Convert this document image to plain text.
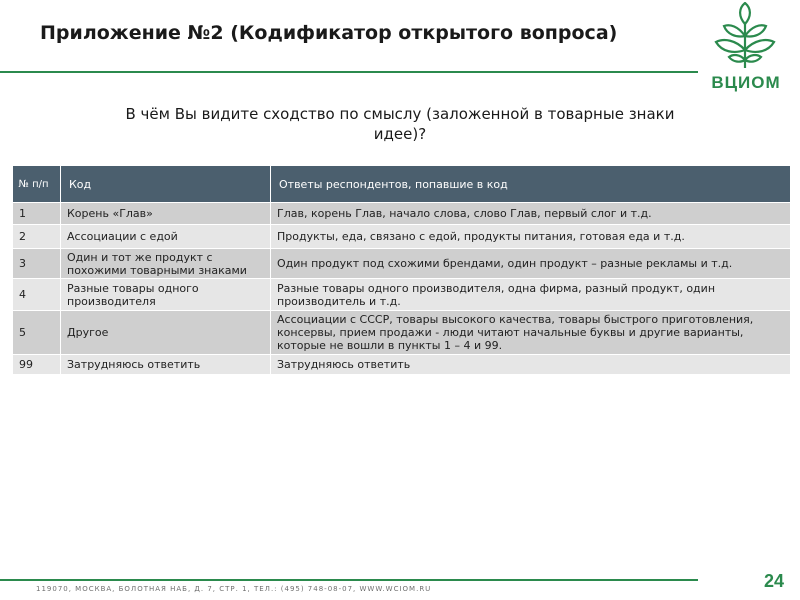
Приложение №2 (Кодификатор открытого вопроса)
ВЦИОМ
В чём Вы видите сходство по смыслу (заложенной в товарные знаки идее)?
№ п/п	Код	Ответы респондентов, попавшие в код
1	Корень «Глав»	Глав, корень Глав, начало слова, слово Глав, первый слог и т.д.
2	Ассоциации с едой	Продукты, еда, связано с едой, продукты питания, готовая еда и т.д.
3	Один и тот же продукт с похожими товарными знаками	Один продукт под схожими брендами, один продукт – разные рекламы и т.д.
4	Разные товары одного производителя	Разные товары одного производителя, одна фирма, разный продукт, один производитель и т.д.
5	Другое	Ассоциации с СССР, товары высокого качества, товары быстрого приготовления, консервы, прием продажи - люди читают начальные буквы и другие варианты, которые не вошли в пункты 1 – 4 и 99.
99	Затрудняюсь ответить	Затрудняюсь ответить
119070, МОСКВА, БОЛОТНАЯ НАБ, Д. 7, СТР. 1, ТЕЛ.: (495) 748-08-07, WWW.WCIOM.RU	24
